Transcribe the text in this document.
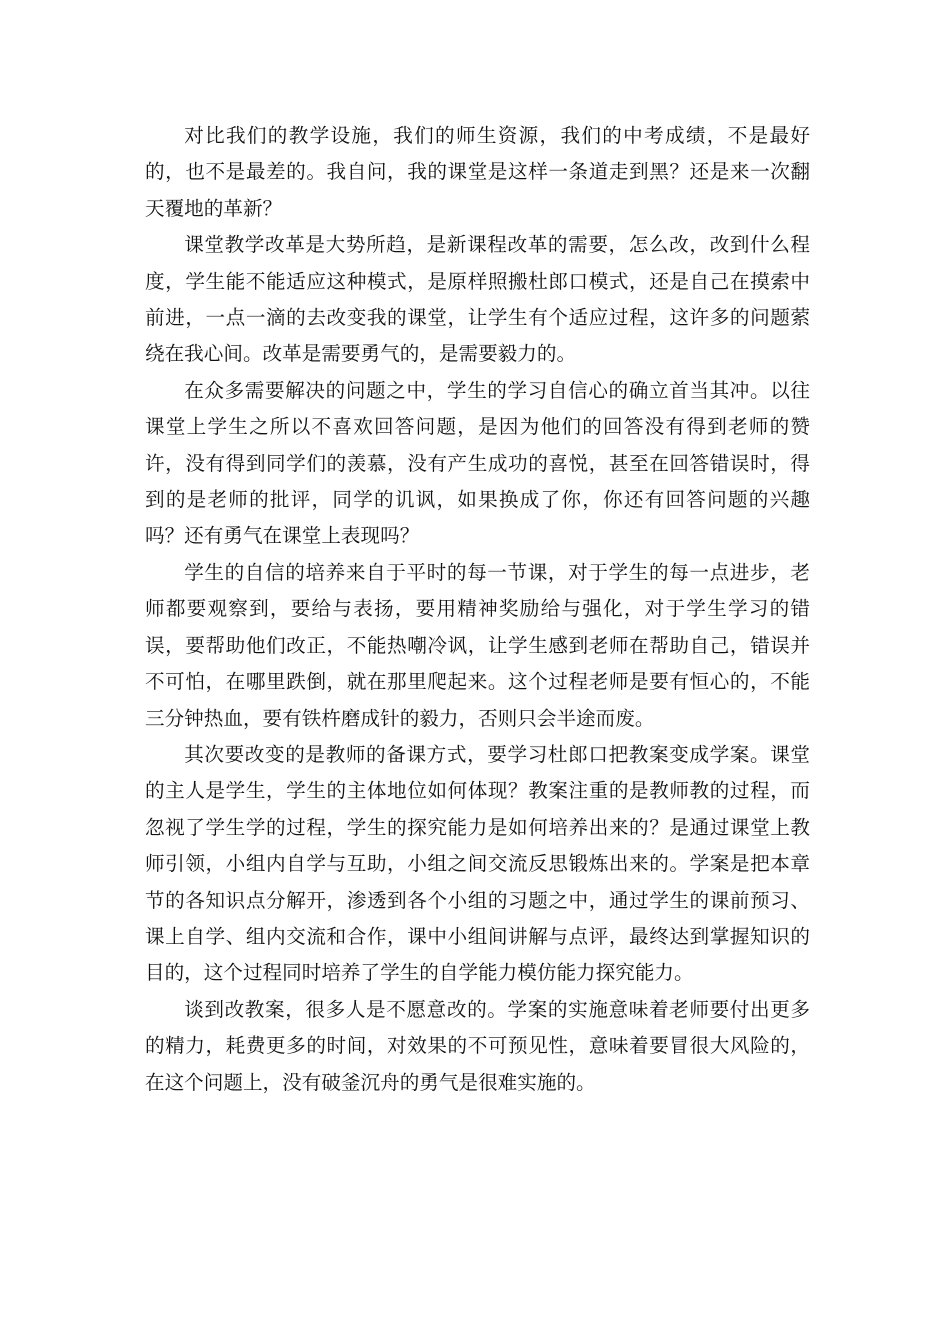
对比我们的教学设施，我们的师生资源，我们的中考成绩，不是最好的，也不是最差的。我自问，我的课堂是这样一条道走到黑？还是来一次翻天覆地的革新？

课堂教学改革是大势所趋，是新课程改革的需要，怎么改，改到什么程度，学生能不能适应这种模式，是原样照搬杜郎口模式，还是自己在摸索中前进，一点一滴的去改变我的课堂，让学生有个适应过程，这许多的问题萦绕在我心间。改革是需要勇气的，是需要毅力的。

在众多需要解决的问题之中，学生的学习自信心的确立首当其冲。以往课堂上学生之所以不喜欢回答问题，是因为他们的回答没有得到老师的赞许，没有得到同学们的羡慕，没有产生成功的喜悦，甚至在回答错误时，得到的是老师的批评，同学的讥讽，如果换成了你，你还有回答问题的兴趣吗？还有勇气在课堂上表现吗？

学生的自信的培养来自于平时的每一节课，对于学生的每一点进步，老师都要观察到，要给与表扬，要用精神奖励给与强化，对于学生学习的错误，要帮助他们改正，不能热嘲冷讽，让学生感到老师在帮助自己，错误并不可怕，在哪里跌倒，就在那里爬起来。这个过程老师是要有恒心的，不能三分钟热血，要有铁杵磨成针的毅力，否则只会半途而废。

其次要改变的是教师的备课方式，要学习杜郎口把教案变成学案。课堂的主人是学生，学生的主体地位如何体现？教案注重的是教师教的过程，而忽视了学生学的过程，学生的探究能力是如何培养出来的？是通过课堂上教师引领，小组内自学与互助，小组之间交流反思锻炼出来的。学案是把本章节的各知识点分解开，渗透到各个小组的习题之中，通过学生的课前预习、课上自学、组内交流和合作，课中小组间讲解与点评，最终达到掌握知识的目的，这个过程同时培养了学生的自学能力模仿能力探究能力。

谈到改教案，很多人是不愿意改的。学案的实施意味着老师要付出更多的精力，耗费更多的时间，对效果的不可预见性，意味着要冒很大风险的，在这个问题上，没有破釜沉舟的勇气是很难实施的。
